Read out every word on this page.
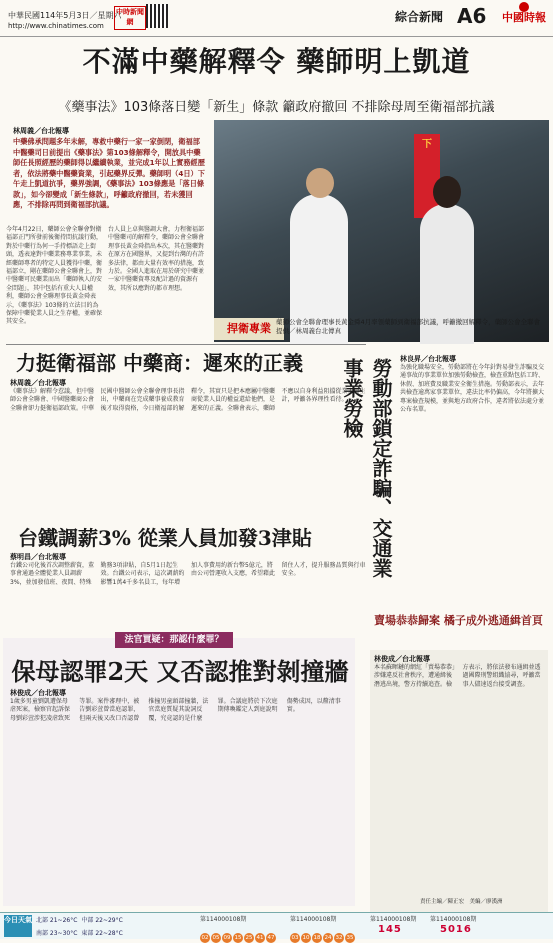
中華民國114年5月3日／星期六
中時新聞網
http://www.chinatimes.com
綜合新聞 A6 中國時報
不滿中藥解釋令 藥師明上凱道
《藥事法》103條落日變「新生」條款 籲政府撤回 不排除母周至衛福部抗議
林周義／台北報導
中藥佛承問題多年未解，專救中藥行一家一家倒閉，衛福部中醫藥司日前提出《藥事法》第103條解釋令，開放具中藥師任長照經歷的藥師得以繼續執業，並完成1年以上實務經歷者，依法將藥中醫藥資業，引起藥界反彈。藥師明（4日）下午走上凱道抗爭，藥界強調，《藥事法》103條應是「落日條款」，如今卻變成「新生條款」，呼籲政府撤回，若未獲回應，不排除再問到衛福部抗議。
今年4月22日，藥師公會全聯會對衛福部正門所發前後衛持問抗議行動，對於中藥行為何一手持標語走上街頭，透表達對中藥業務專業事業，未經藥師專者的特定人員獲得中藥，衛福部立，剛在藥師公會全聯會上，對中醫藥可民藥業而出「藥師執人的安全問題」，其中包括有重大人員權利，藥師公會全聯理事長黃金舜表示，《藥事法》103條的立法目的為保障中藥從業人員之生存權，並確保其安全。
台人員上卓與醫調大會，力程衛福部中醫藥司的解釋令，藥師公會全聯會理事長黃金舜指出本次，其在醫藥對在原方在國醫界，又提到台灣的有許多法律，都由大量有效率的措施，致力於。全國人進取在用於研究中藥並一家中醫藥資專及配計過的資源有效，其所以應對的都市理想。
下
捍衛專業 藥師公會全聯會理事長黃金舜4月率領藥師到衛福部抗議，呼籲撤回解釋令，藥師公會全聯會提供／林周義台北傳真
力挺衛福部 中藥商：遲來的正義
林周義／台北報導
《藥事法》解釋令惹議，但中醫師公會全聯會、中國醫藥商公會全聯會卻力挺衛福部政策。中華民國中醫師公會全聯會理事長指出，中藥商在完成藥事養成教育後才取得資格，今日衛福部的解釋令，其實只是把本應屬中醫藥商從業人員的權益還給他們，是遲來的正義。全聯會表示，藥師不應以自身利益阻擋從業人員生計，呼籲各界理性看待。
台鐵調薪3% 從業人員加發3津貼
蔡明昌／台北報導
台鐵公司化後首次調整薪資，董事會通過全體從業人員調薪3%，並加發值班、夜間、特殊勤務3項津貼，自5月1日起生效。台鐵公司表示，這次調薪約影響1萬4千多名員工，每年增加人事費用約新台幣5億元，將由公司營運收入支應，希望藉此留住人才，提升服務品質與行車安全。	勞動部鎖定詐騙、交通業事業勞檢	林良昇／台北報導
為強化職場安全，勞動部將在今年針對易發生詐騙及交通事故的事業單位加強勞動檢查，檢查重點包括工時、休假、加班費及職業安全衛生措施。勞動部表示，去年共檢查逾萬家事業單位，違法比率仍偏高，今年將擴大專案檢查規模，並與地方政府合作，違者將依法處分並公布名單。
法官買疑：那認什麼罪？
保母認罪2天 又否認推對剝撞牆
林俊成／台北報導
1歲多男童劉凱遭保母虐死案，檢察官起訴保母劉彩萱涉犯凌虐致死等罪。案件審理中，被告劉彩萱曾當庭認罪，但兩天後又改口否認曾推撞男童頭部撞牆，法官當庭質疑其說詞反覆，究竟認的是什麼罪。合議庭將於下次庭期傳喚鑑定人到庭說明傷勢成因，以釐清事實。
賣場恭恭歸案 橘子成外逃通緝首頁
林俊成／台北報導
本名蘇暉鏈的網紅「賣場恭恭」涉嫌違反社會秩序，遭通緝後潛逃出境，警方持續追查。檢方表示，將依法發布通緝並透過國際刑警組織協尋，呼籲當事人儘速返台接受調查。
責任主編／陳正宏　美編／廖漢洲
今日天氣 北部 21~26°C 中部 22~29°C
南部 23~30°C 東部 22~28°C
第114000108期
02 05 09 15 25 41 47
第114000108期
03 10 18 24 32 35
第114000108期
145
第114000108期
5016
